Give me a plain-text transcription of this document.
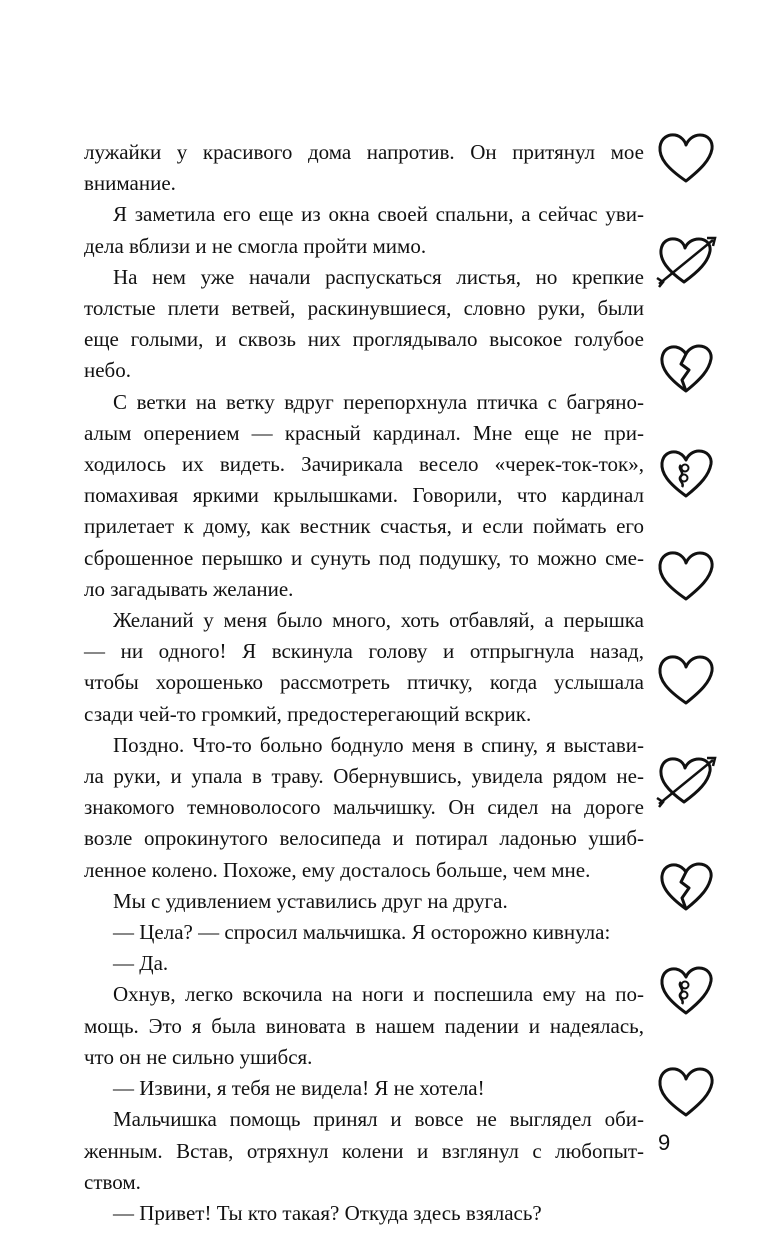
лужайки у красивого дома напротив. Он притянул мое
внимание.
Я заметила его еще из окна своей спальни, а сейчас уви-
дела вблизи и не смогла пройти мимо.
На нем уже начали распускаться листья, но крепкие
толстые плети ветвей, раскинувшиеся, словно руки, были
еще голыми, и сквозь них проглядывало высокое голубое
небо.
С ветки на ветку вдруг перепорхнула птичка с багряно-
алым оперением — красный кардинал. Мне еще не при-
ходилось их видеть. Зачирикала весело «черек-ток-ток»,
помахивая яркими крылышками. Говорили, что кардинал
прилетает к дому, как вестник счастья, и если поймать его
сброшенное перышко и сунуть под подушку, то можно сме-
ло загадывать желание.
Желаний у меня было много, хоть отбавляй, а перышка
— ни одного! Я вскинула голову и отпрыгнула назад,
чтобы хорошенько рассмотреть птичку, когда услышала
сзади чей-то громкий, предостерегающий вскрик.
Поздно. Что-то больно боднуло меня в спину, я выстави-
ла руки, и упала в траву. Обернувшись, увидела рядом не-
знакомого темноволосого мальчишку. Он сидел на дороге
возле опрокинутого велосипеда и потирал ладонью ушиб-
ленное колено. Похоже, ему досталось больше, чем мне.
Мы с удивлением уставились друг на друга.
— Цела? — спросил мальчишка. Я осторожно кивнула:
— Да.
Охнув, легко вскочила на ноги и поспешила ему на по-
мощь. Это я была виновата в нашем падении и надеялась,
что он не сильно ушибся.
— Извини, я тебя не видела! Я не хотела!
Мальчишка помощь принял и вовсе не выглядел оби-
женным. Встав, отряхнул колени и взглянул с любопыт-
ством.
— Привет! Ты кто такая? Откуда здесь взялась?
9
